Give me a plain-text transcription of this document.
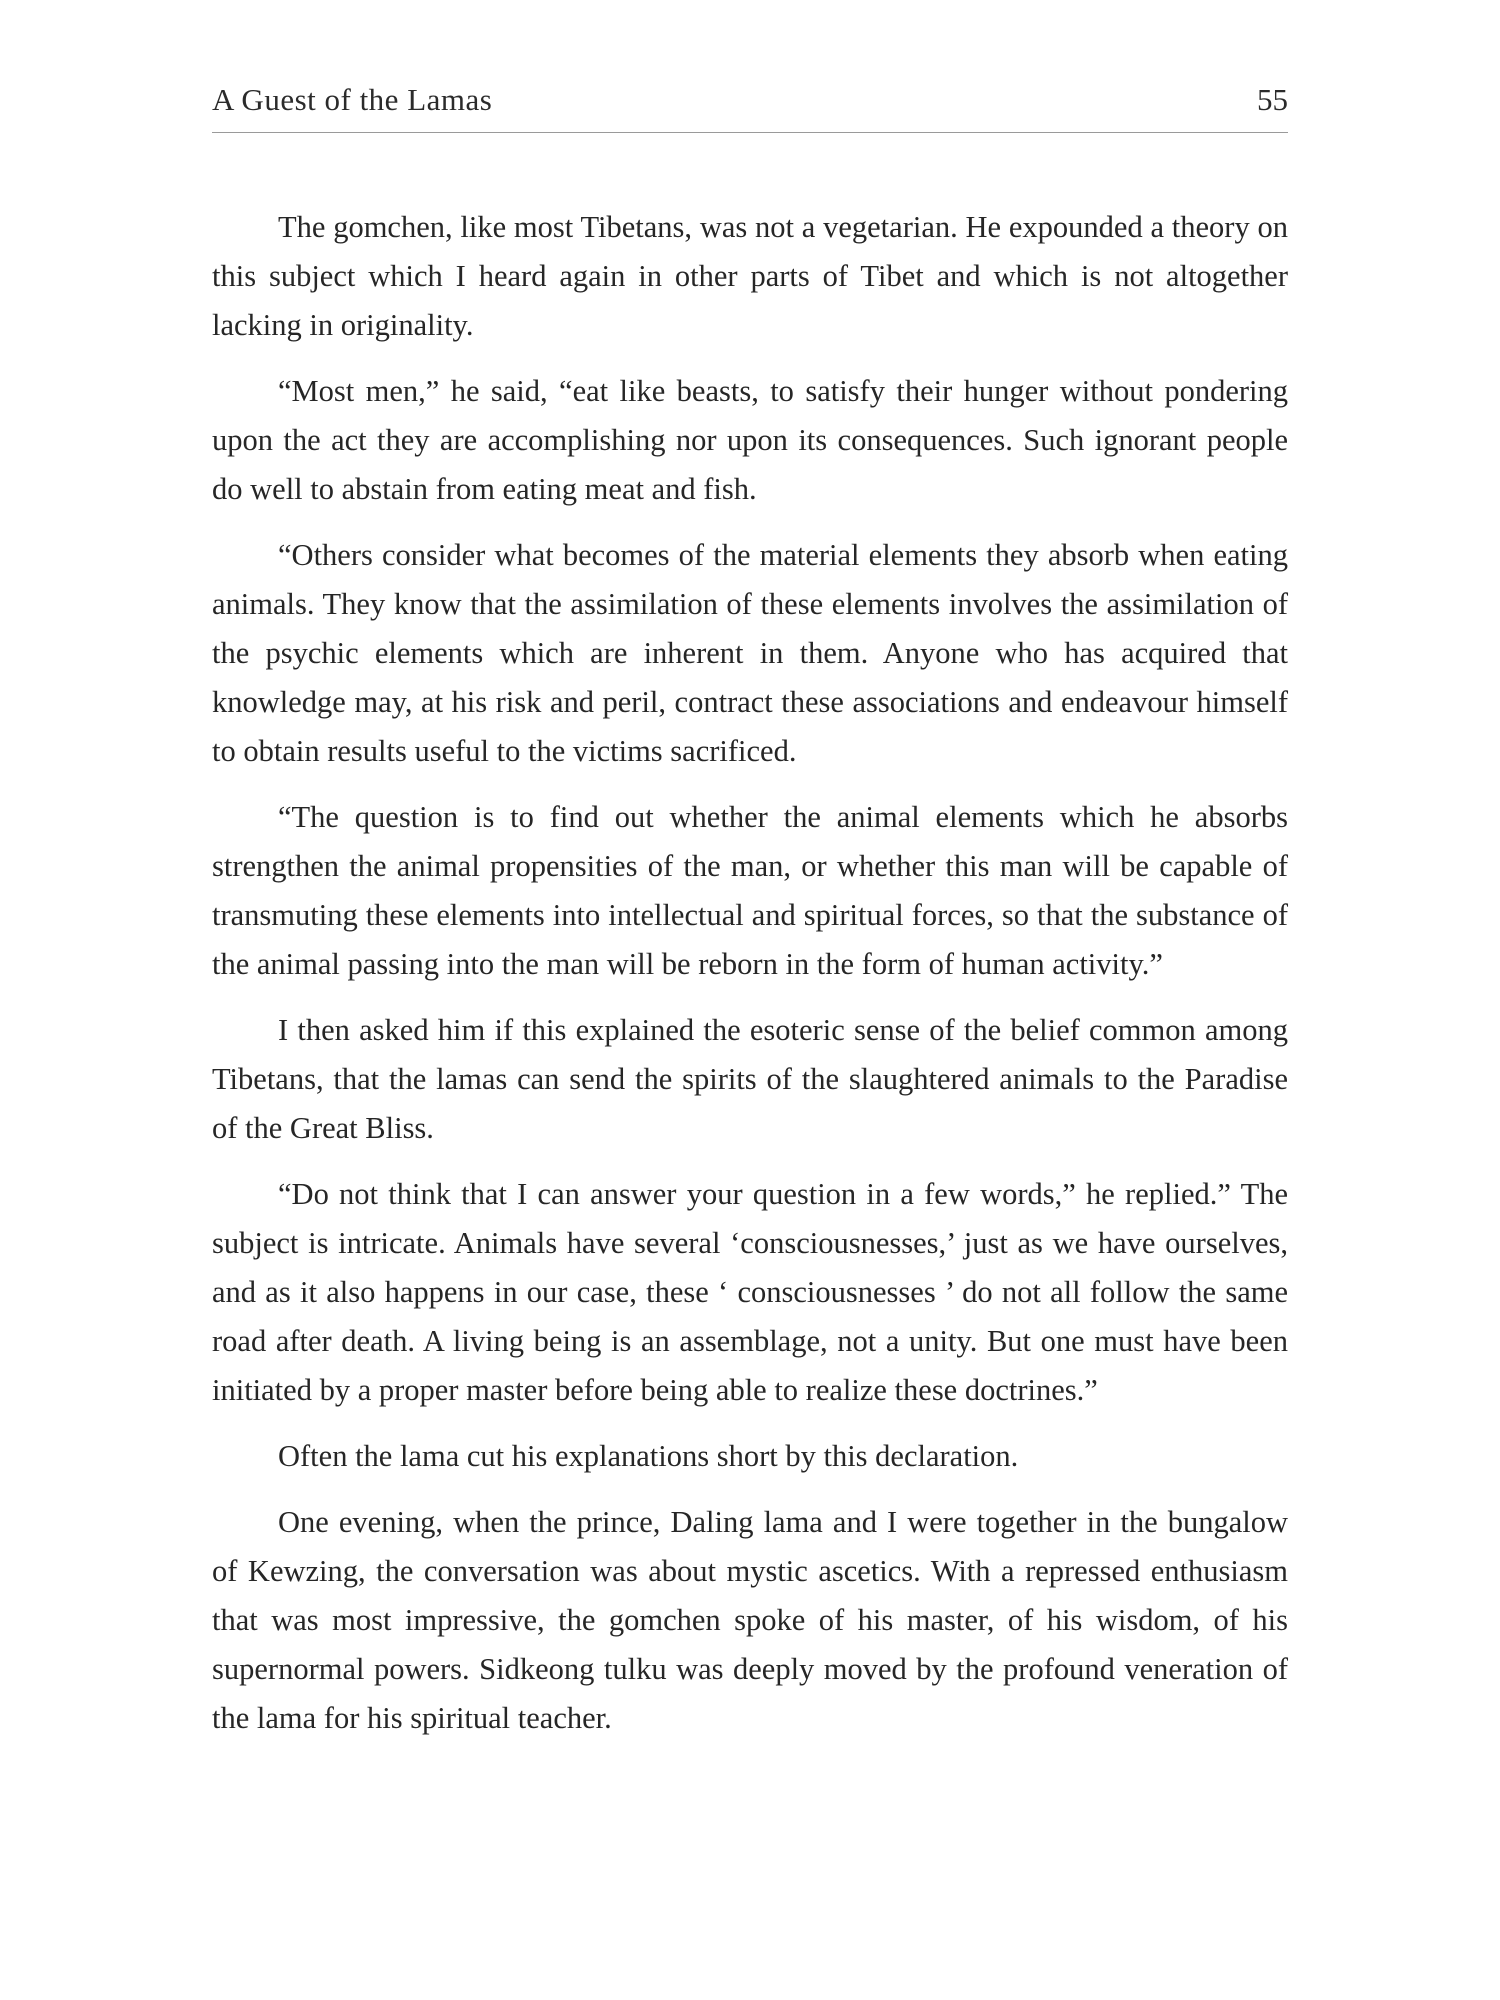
A Guest of the Lamas	55

The gomchen, like most Tibetans, was not a vegetarian. He expounded a theory on this subject which I heard again in other parts of Tibet and which is not altogether lacking in originality.

“Most men,” he said, “eat like beasts, to satisfy their hunger without pondering upon the act they are accomplishing nor upon its consequences. Such ignorant people do well to abstain from eating meat and fish.

“Others consider what becomes of the material elements they absorb when eating animals. They know that the assimilation of these elements involves the assimilation of the psychic elements which are inherent in them. Anyone who has acquired that knowledge may, at his risk and peril, contract these associations and endeavour himself to obtain results useful to the victims sacrificed.

“The question is to find out whether the animal elements which he absorbs strengthen the animal propensities of the man, or whether this man will be capable of transmuting these elements into intellectual and spiritual forces, so that the substance of the animal passing into the man will be reborn in the form of human activity.”

I then asked him if this explained the esoteric sense of the belief common among Tibetans, that the lamas can send the spirits of the slaughtered animals to the Paradise of the Great Bliss.

“Do not think that I can answer your question in a few words,” he replied.” The subject is intricate. Animals have several ‘consciousnesses,’ just as we have ourselves, and as it also happens in our case, these ‘ consciousnesses ’ do not all follow the same road after death. A living being is an assemblage, not a unity. But one must have been initiated by a proper master before being able to realize these doctrines.”

Often the lama cut his explanations short by this declaration.

One evening, when the prince, Daling lama and I were together in the bungalow of Kewzing, the conversation was about mystic ascetics. With a repressed enthusiasm that was most impressive, the gomchen spoke of his master, of his wisdom, of his supernormal powers. Sidkeong tulku was deeply moved by the profound veneration of the lama for his spiritual teacher.
